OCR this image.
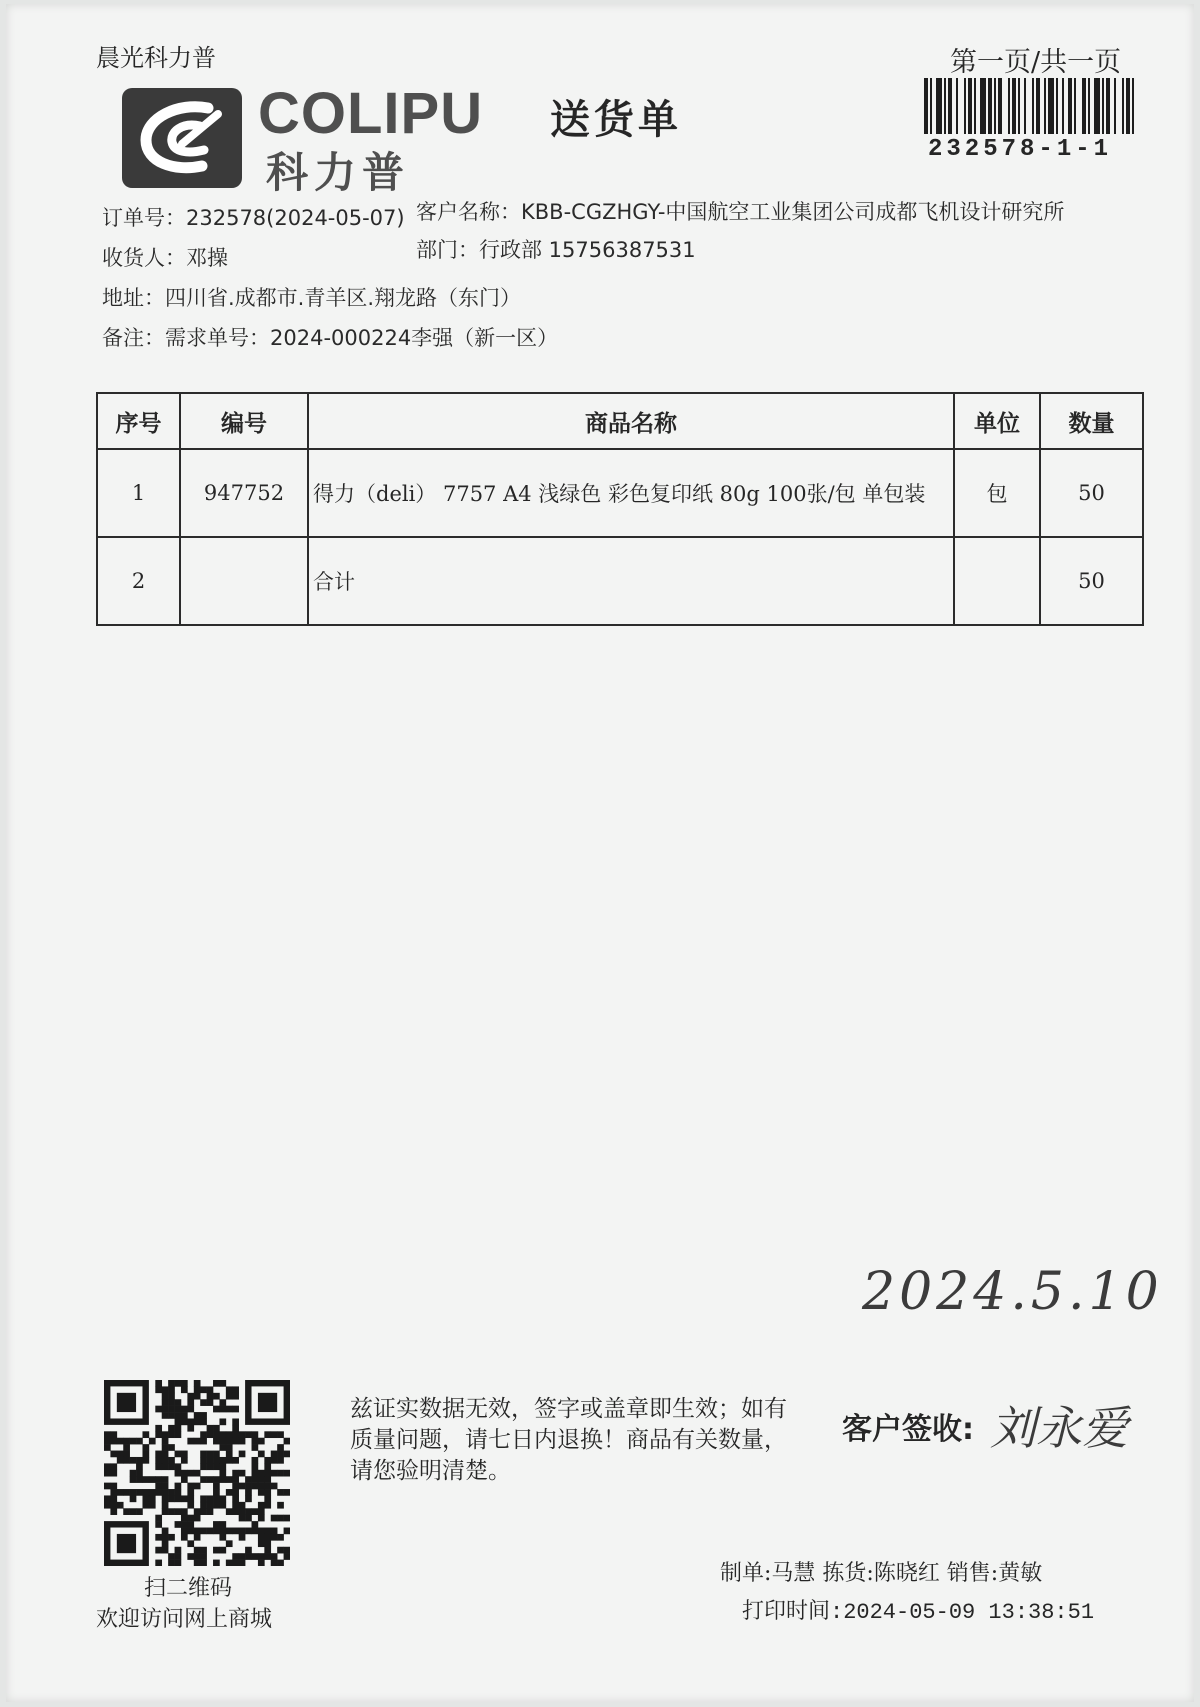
晨光科力普
COLIPU
科力普
送货单
第一页/共一页
232578-1-1
订单号：232578(2024-05-07)
收货人：邓操
地址：四川省.成都市.青羊区.翔龙路（东门）
备注：需求单号：2024-000224李强（新一区）
客户名称：KBB-CGZHGY-中国航空工业集团公司成都飞机设计研究所
部门：行政部 15756387531
序号	编号	商品名称	单位	数量
1	947752	得力（deli） 7757 A4 浅绿色 彩色复印纸 80g 100张/包 单包装	包	50
2		合计		50
2024.5.10
扫二维码
欢迎访问网上商城
兹证实数据无效，签字或盖章即生效；如有质量问题，请七日内退换！商品有关数量，请您验明清楚。
客户签收: 刘永爱
制单:马慧 拣货:陈晓红 销售:黄敏
打印时间:2024-05-09 13:38:51
